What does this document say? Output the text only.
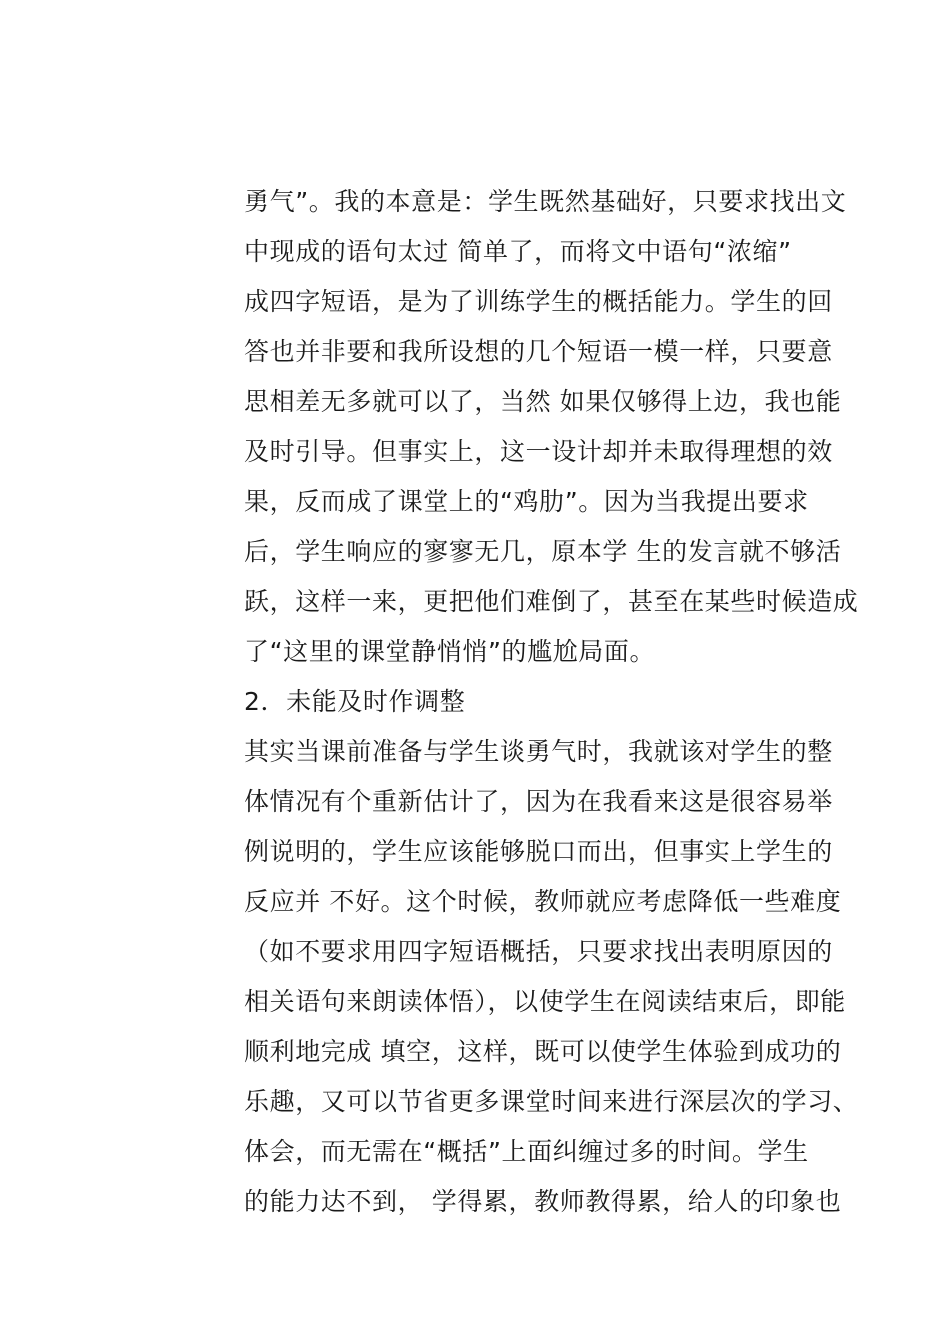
勇气”。我的本意是：学生既然基础好，只要求找出文
中现成的语句太过 简单了，而将文中语句“浓缩”
成四字短语，是为了训练学生的概括能力。学生的回
答也并非要和我所设想的几个短语一模一样，只要意
思相差无多就可以了，当然 如果仅够得上边，我也能
及时引导。但事实上，这一设计却并未取得理想的效
果，反而成了课堂上的“鸡肋”。因为当我提出要求
后，学生响应的寥寥无几，原本学 生的发言就不够活
跃，这样一来，更把他们难倒了，甚至在某些时候造成
了“这里的课堂静悄悄”的尴尬局面。
2．未能及时作调整
其实当课前准备与学生谈勇气时，我就该对学生的整
体情况有个重新估计了，因为在我看来这是很容易举
例说明的，学生应该能够脱口而出，但事实上学生的
反应并 不好。这个时候，教师就应考虑降低一些难度
（如不要求用四字短语概括，只要求找出表明原因的
相关语句来朗读体悟），以使学生在阅读结束后，即能
顺利地完成 填空，这样，既可以使学生体验到成功的
乐趣，又可以节省更多课堂时间来进行深层次的学习、
体会，而无需在“概括”上面纠缠过多的时间。学生
的能力达不到， 学得累，教师教得累，给人的印象也
